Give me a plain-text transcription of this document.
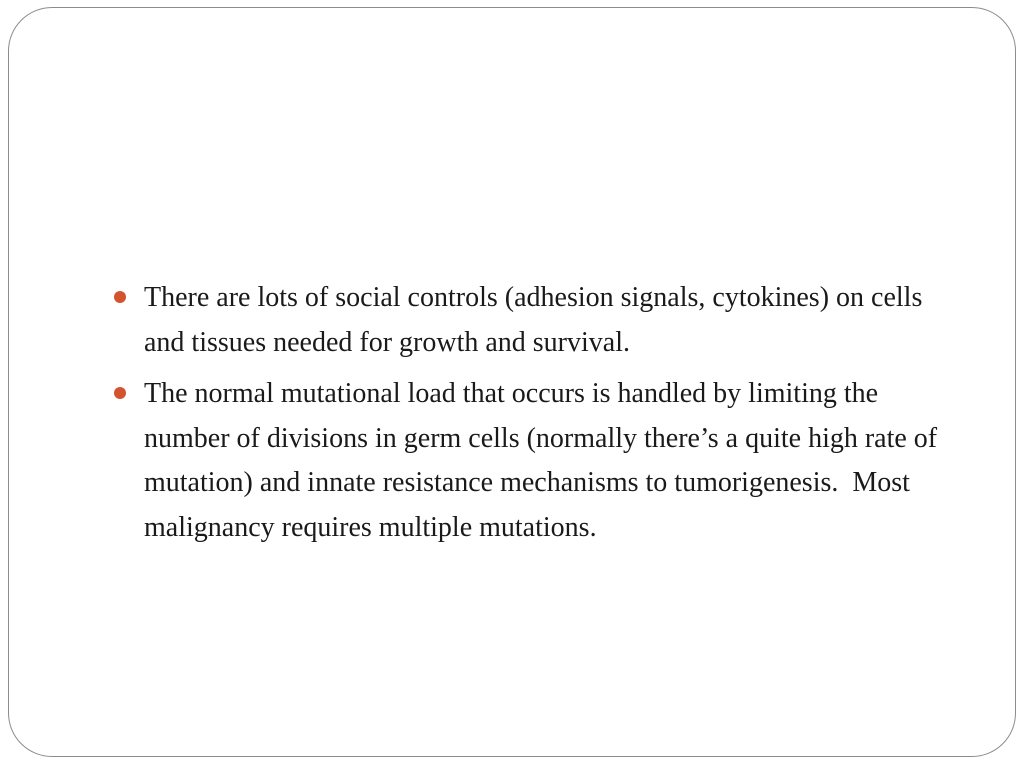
There are lots of social controls (adhesion signals, cytokines) on cells and tissues needed for growth and survival.
The normal mutational load that occurs is handled by limiting the number of divisions in germ cells (normally there’s a quite high rate of mutation) and innate resistance mechanisms to tumorigenesis.  Most malignancy requires multiple mutations.
